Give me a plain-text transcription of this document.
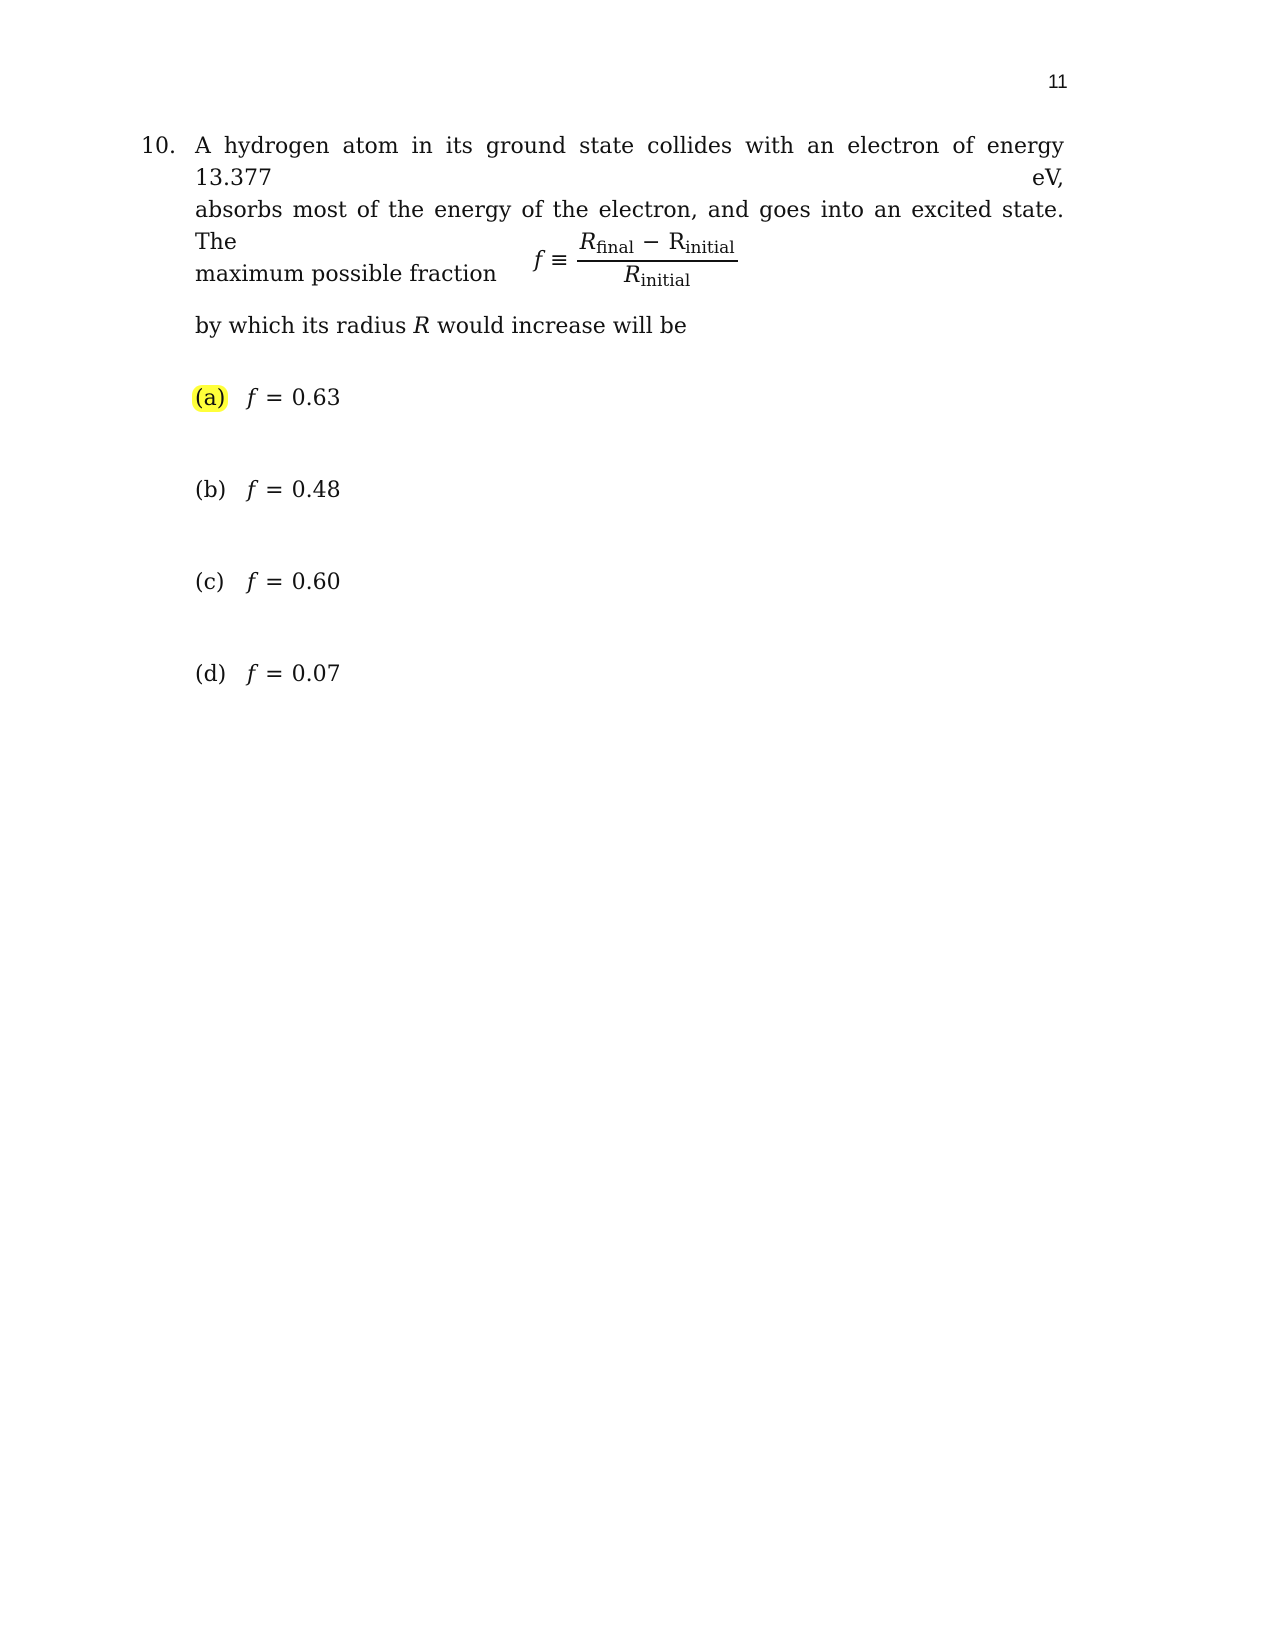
11
10. A hydrogen atom in its ground state collides with an electron of energy 13.377 eV,
absorbs most of the energy of the electron, and goes into an excited state. The
maximum possible fraction
$f \equiv \frac{R_{final} - R_{initial}}{R_{initial}}$
by which its radius R would increase will be
(a) f = 0.63
(b) f = 0.48
(c)	f = 0.60
(d) f = 0.07
